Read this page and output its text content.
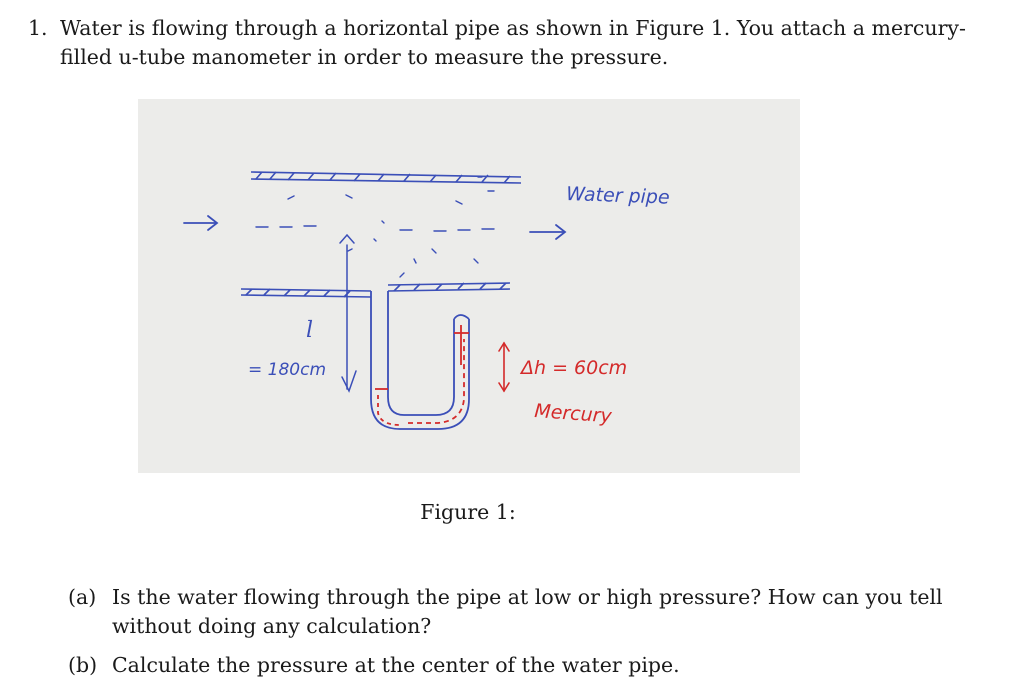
1. Water is flowing through a horizontal pipe as shown in Figure 1. You attach a mercury-
filled u-tube manometer in order to measure the pressure.
Water pipe
l
= 180cm	Δh = 60cm
Mercury
Figure 1:
(a) Is the water flowing through the pipe at low or high pressure? How can you tell
without doing any calculation?
(b) Calculate the pressure at the center of the water pipe.
